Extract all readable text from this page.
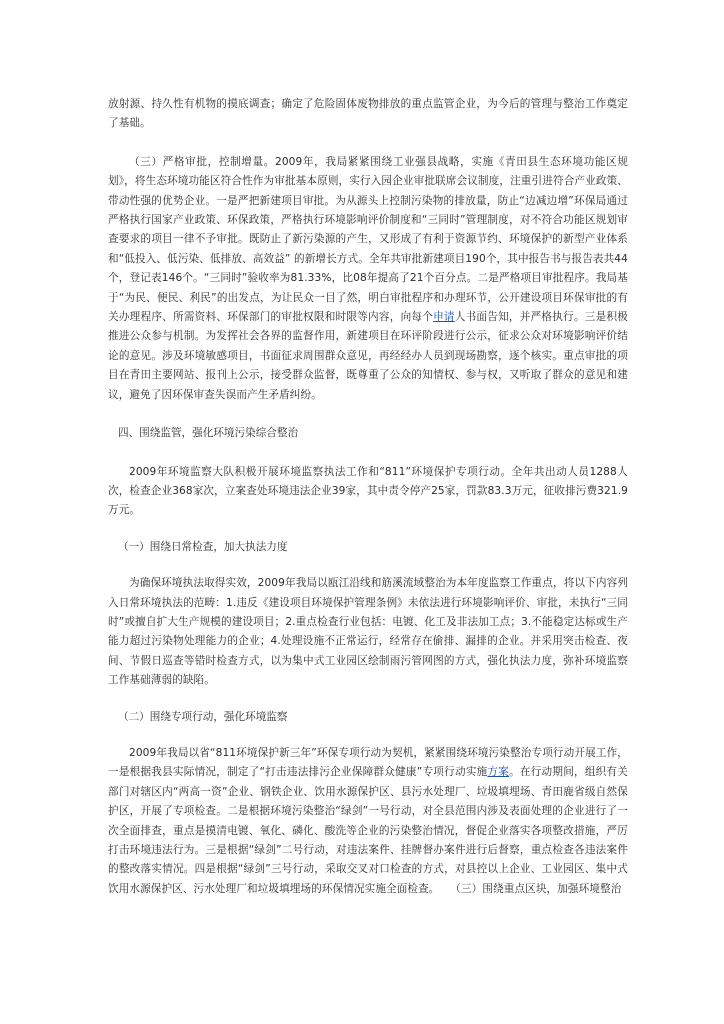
放射源、持久性有机物的摸底调查；确定了危险固体废物排放的重点监管企业，为今后的管理与整治工作奠定了基础。

（三）严格审批，控制增量。2009年，我局紧紧围绕工业强县战略，实施《青田县生态环境功能区规划》，将生态环境功能区符合性作为审批基本原则，实行入园企业审批联席会议制度，注重引进符合产业政策、带动性强的优势企业。一是严把新建项目审批。为从源头上控制污染物的排放量，防止“边减边增”环保局通过严格执行国家产业政策、环保政策，严格执行环境影响评价制度和“三同时”管理制度，对不符合功能区规划审查要求的项目一律不予审批。既防止了新污染源的产生，又形成了有利于资源节约、环境保护的新型产业体系和“低投入、低污染、低排放、高效益” 的新增长方式。全年共审批新建项目190个，其中报告书与报告表共44个，登记表146个。“三同时”验收率为81.33%，比08年提高了21个百分点。二是严格项目审批程序。我局基于“为民、便民、利民”的出发点，为让民众一目了然，明白审批程序和办理环节，公开建设项目环保审批的有关办理程序、所需资料、环保部门的审批权限和时限等内容，向每个申请人书面告知，并严格执行。三是积极推进公众参与机制。为发挥社会各界的监督作用，新建项目在环评阶段进行公示，征求公众对环境影响评价结论的意见。涉及环境敏感项目，书面征求周围群众意见，再经经办人员到现场勘察，逐个核实。重点审批的项目在青田主要网站、报刊上公示，接受群众监督，既尊重了公众的知情权、参与权，又听取了群众的意见和建议，避免了因环保审查失误而产生矛盾纠纷。

四、围绕监管，强化环境污染综合整治

2009年环境监察大队积极开展环境监察执法工作和“811”环境保护专项行动。全年共出动人员1288人次，检查企业368家次，立案查处环境违法企业39家，其中责令停产25家，罚款83.3万元，征收排污费321.9万元。

（一）围绕日常检查，加大执法力度

为确保环境执法取得实效，2009年我局以瓯江沿线和筋溪流域整治为本年度监察工作重点，将以下内容列入日常环境执法的范畴：1.违反《建设项目环境保护管理条例》未依法进行环境影响评价、审批，未执行“三同时”或擅自扩大生产规模的建设项目；2.重点检查行业包括：电镀、化工及非法加工点；3.不能稳定达标或生产能力超过污染物处理能力的企业；4.处理设施不正常运行，经常存在偷排、漏排的企业。并采用突击检查、夜间、节假日巡查等错时检查方式，以为集中式工业园区绘制雨污管网图的方式，强化执法力度，弥补环境监察工作基础薄弱的缺陷。

（二）围绕专项行动，强化环境监察

2009年我局以省“811环境保护新三年”环保专项行动为契机，紧紧围绕环境污染整治专项行动开展工作，一是根据我县实际情况，制定了“打击违法排污企业保障群众健康”专项行动实施方案。在行动期间，组织有关部门对辖区内“两高一资”企业、钢铁企业、饮用水源保护区、县污水处理厂、垃圾填埋场、青田鹿省级自然保护区，开展了专项检查。二是根据环境污染整治“绿剑”一号行动，对全县范围内涉及表面处理的企业进行了一次全面排查，重点是摸清电镀、氧化、磷化、酸洗等企业的污染整治情况，督促企业落实各项整改措施，严厉打击环境违法行为。三是根据“绿剑”二号行动，对违法案件、挂牌督办案件进行后督察，重点检查各违法案件的整改落实情况。四是根据“绿剑”三号行动，采取交叉对口检查的方式，对县控以上企业、工业园区、集中式饮用水源保护区、污水处理厂和垃圾填埋场的环保情况实施全面检查。　　 （三）围绕重点区块，加强环境整治
